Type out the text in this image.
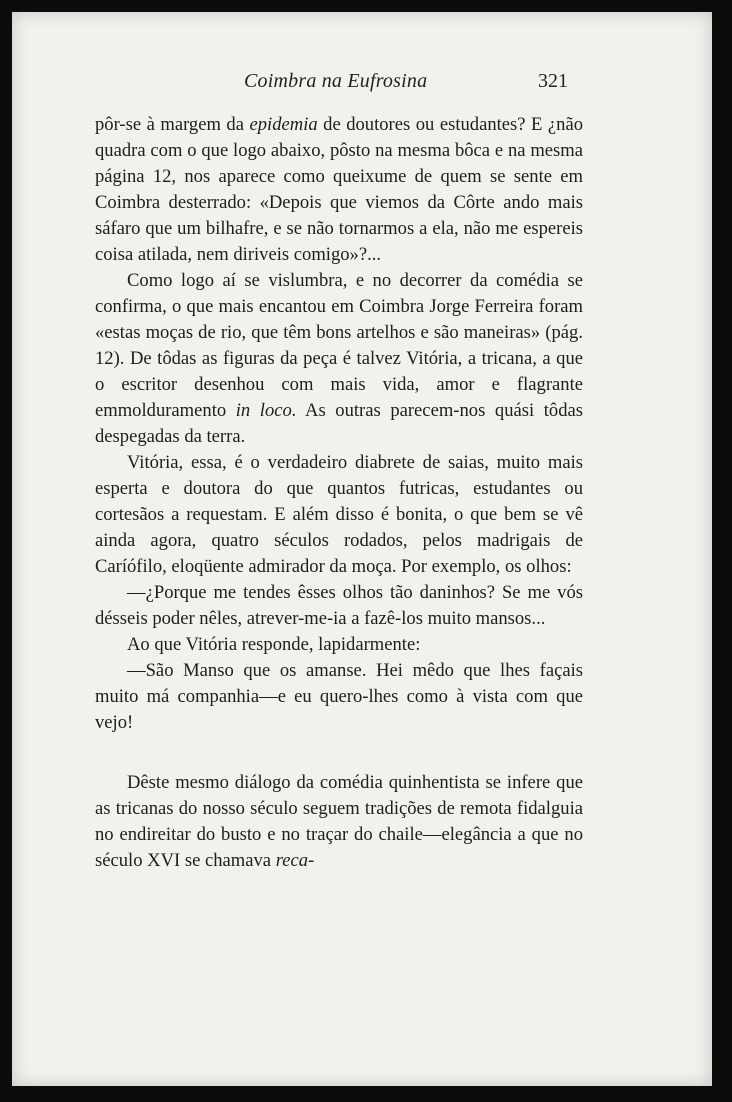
Coimbra na Eufrosina	321

pôr-se à margem da epidemia de doutores ou estudantes? E ¿não quadra com o que logo abaixo, pôsto na mesma bôca e na mesma página 12, nos aparece como queixume de quem se sente em Coimbra desterrado: «Depois que viemos da Côrte ando mais sáfaro que um bilhafre, e se não tornarmos a ela, não me espereis coisa atilada, nem diriveis comigo»?...

Como logo aí se vislumbra, e no decorrer da comédia se confirma, o que mais encantou em Coimbra Jorge Ferreira foram «estas moças de rio, que têm bons artelhos e são maneiras» (pág. 12). De tôdas as figuras da peça é talvez Vitória, a tricana, a que o escritor desenhou com mais vida, amor e flagrante emmolduramento in loco. As outras parecem-nos quási tôdas despegadas da terra.

Vitória, essa, é o verdadeiro diabrete de saias, muito mais esperta e doutora do que quantos futricas, estudantes ou cortesãos a requestam. E além disso é bonita, o que bem se vê ainda agora, quatro séculos rodados, pelos madrigais de Caríófilo, eloqüente admirador da moça. Por exemplo, os olhos:

—¿Porque me tendes êsses olhos tão daninhos? Se me vós désseis poder nêles, atrever-me-ia a fazê-los muito mansos...

Ao que Vitória responde, lapidarmente:

—São Manso que os amanse. Hei mêdo que lhes façais muito má companhia—e eu quero-lhes como à vista com que vejo!

Dêste mesmo diálogo da comédia quinhentista se infere que as tricanas do nosso século seguem tradições de remota fidalguia no endireitar do busto e no traçar do chaile—elegância a que no século XVI se chamava reca-
